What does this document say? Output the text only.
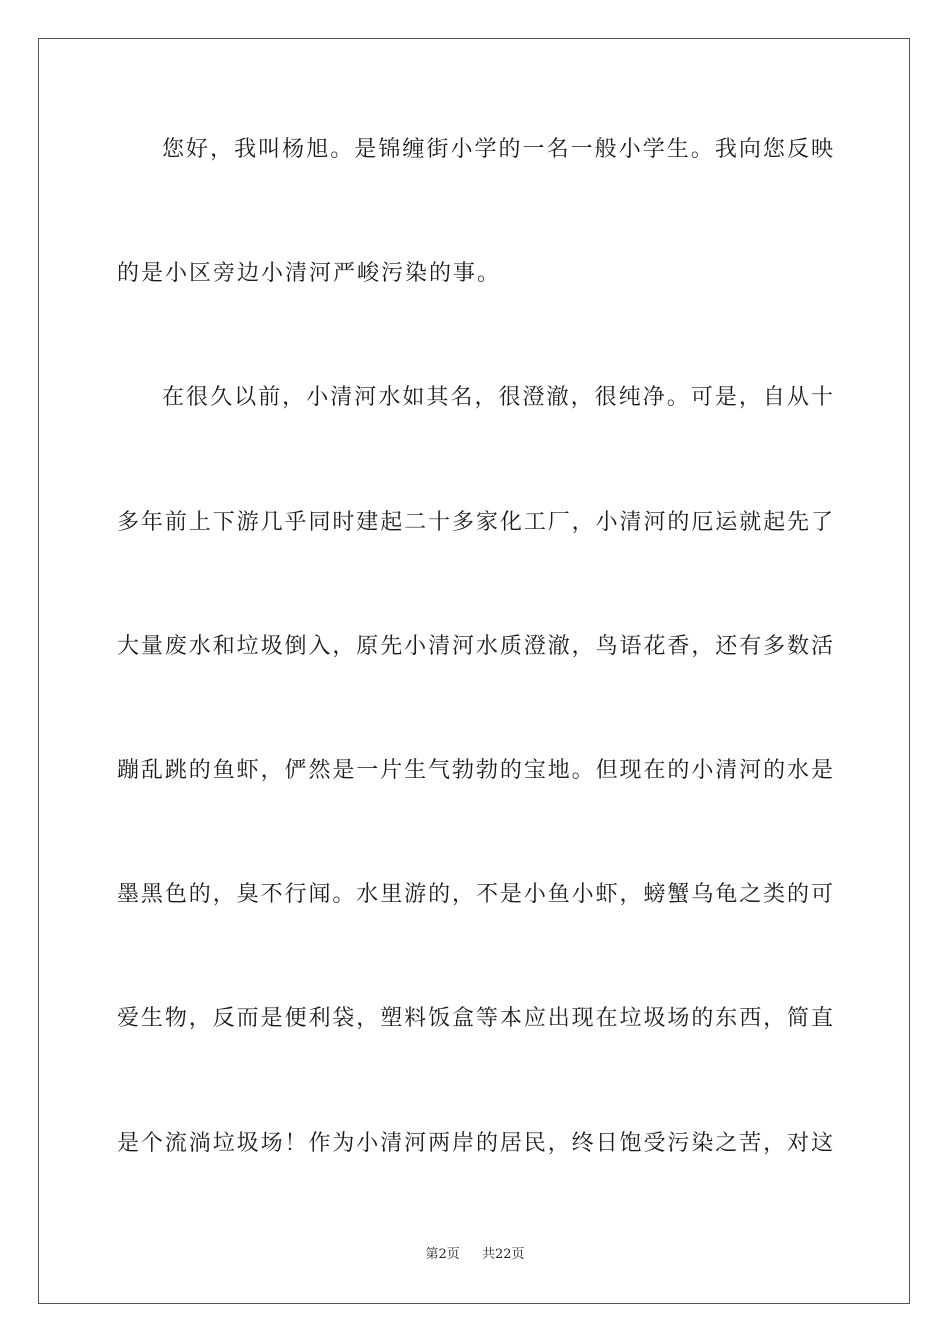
您好，我叫杨旭。是锦缠街小学的一名一般小学生。我向您反映
的是小区旁边小清河严峻污染的事。
在很久以前，小清河水如其名，很澄澈，很纯净。可是，自从十
多年前上下游几乎同时建起二十多家化工厂，小清河的厄运就起先了
大量废水和垃圾倒入，原先小清河水质澄澈，鸟语花香，还有多数活
蹦乱跳的鱼虾，俨然是一片生气勃勃的宝地。但现在的小清河的水是
墨黑色的，臭不行闻。水里游的，不是小鱼小虾，螃蟹乌龟之类的可
爱生物，反而是便利袋，塑料饭盒等本应出现在垃圾场的东西，简直
是个流淌垃圾场！作为小清河两岸的居民，终日饱受污染之苦，对这
第2页 共22页
